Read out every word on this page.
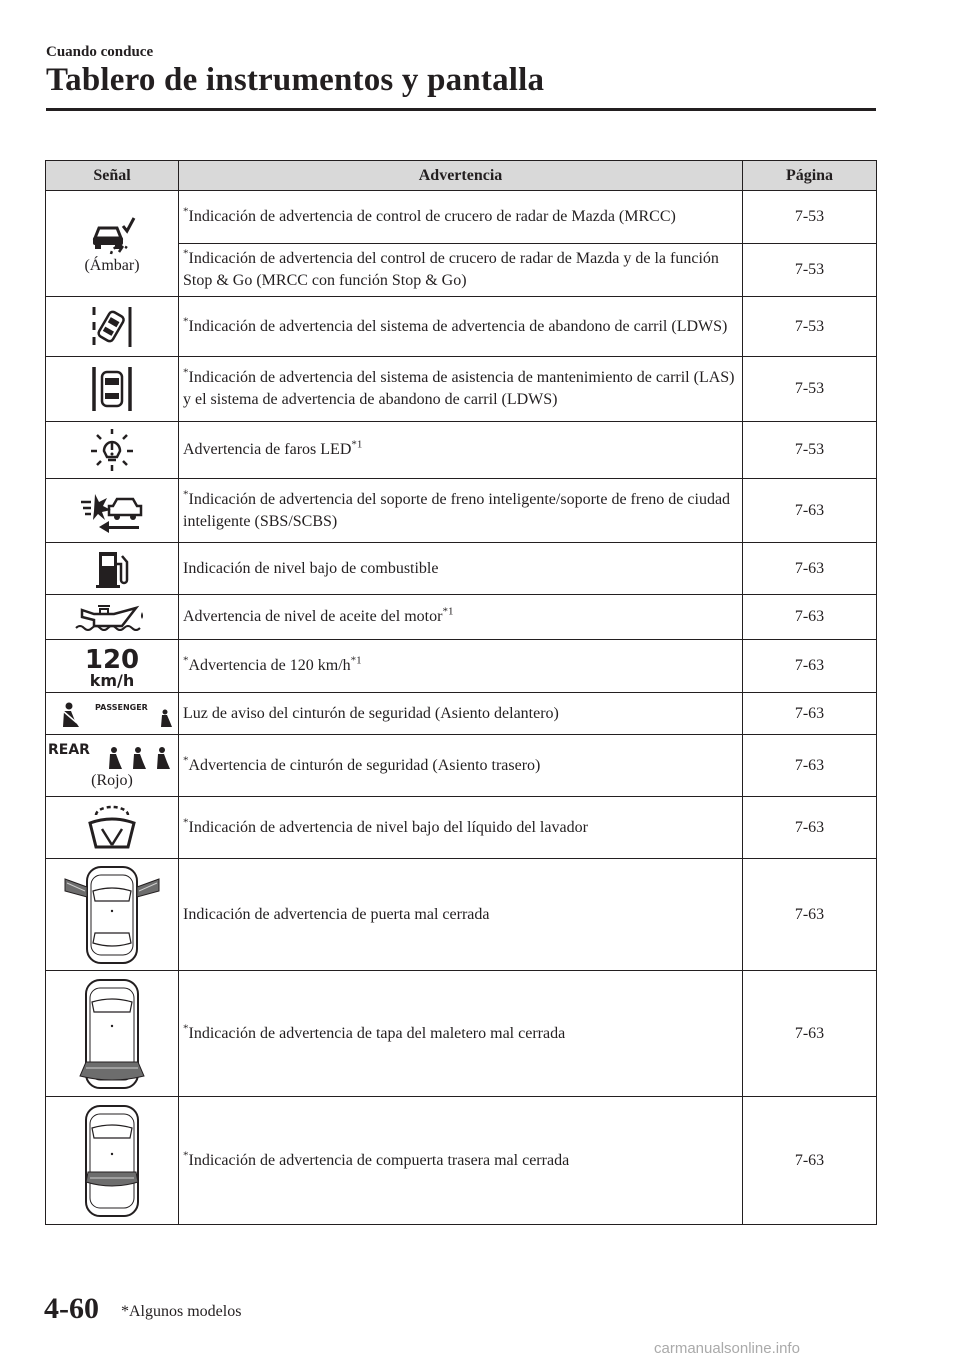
Cuando conduce
Tablero de instrumentos y pantalla
Señal	Advertencia	Página

(Ámbar)	*Indicación de advertencia de control de crucero de radar de Mazda (MRCC)	7-53
	*Indicación de advertencia del control de crucero de radar de Mazda y de la función Stop & Go (MRCC con función Stop & Go)	7-53
	*Indicación de advertencia del sistema de advertencia de abandono de carril (LDWS)	7-53
	*Indicación de advertencia del sistema de asistencia de mantenimiento de carril (LAS) y el sistema de advertencia de abandono de carril (LDWS)	7-53
	Advertencia de faros LED$^{*1}$	7-53
	*Indicación de advertencia del soporte de freno inteligente/soporte de freno de ciudad inteligente (SBS/SCBS)	7-63
	Indicación de nivel bajo de combustible	7-63
	Advertencia de nivel de aceite del motor$^{*1}$	7-63

120
km/h	*Advertencia de 120 $km/h^{*1}$	7-63

PASSENGER	Luz de aviso del cinturón de seguridad (Asiento delantero)	7-63

REAR
(Rojo)	*Advertencia de cinturón de seguridad (Asiento trasero)	7-63
	*Indicación de advertencia de nivel bajo del líquido del lavador	7-63
	Indicación de advertencia de puerta mal cerrada	7-63
	*Indicación de advertencia de tapa del maletero mal cerrada	7-63
	*Indicación de advertencia de compuerta trasera mal cerrada	7-63
4-60 *Algunos modelos
carmanualsonline.info
